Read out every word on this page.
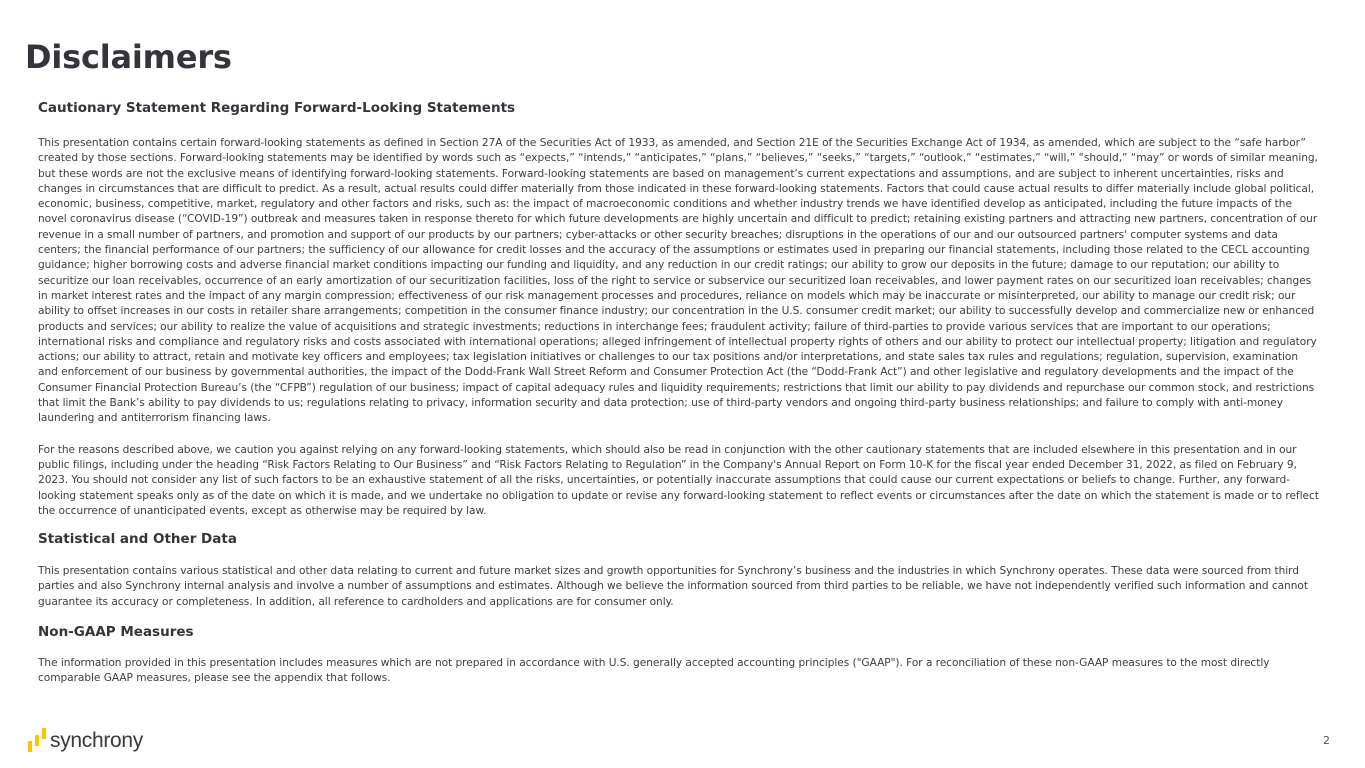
Disclaimers
Cautionary Statement Regarding Forward-Looking Statements

This presentation contains certain forward-looking statements as defined in Section 27A of the Securities Act of 1933, as amended, and Section 21E of the Securities Exchange Act of 1934, as amended, which are subject to the “safe harbor” created by those sections. Forward-looking statements may be identified by words such as “expects,” “intends,” “anticipates,” “plans,” “believes,” “seeks,” “targets,” “outlook,” “estimates,” “will,” “should,” “may” or words of similar meaning, but these words are not the exclusive means of identifying forward-looking statements. Forward-looking statements are based on management’s current expectations and assumptions, and are subject to inherent uncertainties, risks and changes in circumstances that are difficult to predict. As a result, actual results could differ materially from those indicated in these forward-looking statements. Factors that could cause actual results to differ materially include global political, economic, business, competitive, market, regulatory and other factors and risks, such as: the impact of macroeconomic conditions and whether industry trends we have identified develop as anticipated, including the future impacts of the novel coronavirus disease (“COVID-19”) outbreak and measures taken in response thereto for which future developments are highly uncertain and difficult to predict; retaining existing partners and attracting new partners, concentration of our revenue in a small number of partners, and promotion and support of our products by our partners; cyber-attacks or other security breaches; disruptions in the operations of our and our outsourced partners' computer systems and data centers; the financial performance of our partners; the sufficiency of our allowance for credit losses and the accuracy of the assumptions or estimates used in preparing our financial statements, including those related to the CECL accounting guidance; higher borrowing costs and adverse financial market conditions impacting our funding and liquidity, and any reduction in our credit ratings; our ability to grow our deposits in the future; damage to our reputation; our ability to securitize our loan receivables, occurrence of an early amortization of our securitization facilities, loss of the right to service or subservice our securitized loan receivables, and lower payment rates on our securitized loan receivables; changes in market interest rates and the impact of any margin compression; effectiveness of our risk management processes and procedures, reliance on models which may be inaccurate or misinterpreted, our ability to manage our credit risk; our ability to offset increases in our costs in retailer share arrangements; competition in the consumer finance industry; our concentration in the U.S. consumer credit market; our ability to successfully develop and commercialize new or enhanced products and services; our ability to realize the value of acquisitions and strategic investments; reductions in interchange fees; fraudulent activity; failure of third-parties to provide various services that are important to our operations; international risks and compliance and regulatory risks and costs associated with international operations; alleged infringement of intellectual property rights of others and our ability to protect our intellectual property; litigation and regulatory actions; our ability to attract, retain and motivate key officers and employees; tax legislation initiatives or challenges to our tax positions and/or interpretations, and state sales tax rules and regulations; regulation, supervision, examination and enforcement of our business by governmental authorities, the impact of the Dodd-Frank Wall Street Reform and Consumer Protection Act (the “Dodd-Frank Act”) and other legislative and regulatory developments and the impact of the Consumer Financial Protection Bureau’s (the “CFPB”) regulation of our business; impact of capital adequacy rules and liquidity requirements; restrictions that limit our ability to pay dividends and repurchase our common stock, and restrictions that limit the Bank’s ability to pay dividends to us; regulations relating to privacy, information security and data protection; use of third-party vendors and ongoing third-party business relationships; and failure to comply with anti-money laundering and antiterrorism financing laws.

For the reasons described above, we caution you against relying on any forward-looking statements, which should also be read in conjunction with the other cautionary statements that are included elsewhere in this presentation and in our public filings, including under the heading “Risk Factors Relating to Our Business” and “Risk Factors Relating to Regulation” in the Company's Annual Report on Form 10-K for the fiscal year ended December 31, 2022, as filed on February 9, 2023. You should not consider any list of such factors to be an exhaustive statement of all the risks, uncertainties, or potentially inaccurate assumptions that could cause our current expectations or beliefs to change. Further, any forward-looking statement speaks only as of the date on which it is made, and we undertake no obligation to update or revise any forward-looking statement to reflect events or circumstances after the date on which the statement is made or to reflect the occurrence of unanticipated events, except as otherwise may be required by law.

Statistical and Other Data

This presentation contains various statistical and other data relating to current and future market sizes and growth opportunities for Synchrony’s business and the industries in which Synchrony operates. These data were sourced from third parties and also Synchrony internal analysis and involve a number of assumptions and estimates. Although we believe the information sourced from third parties to be reliable, we have not independently verified such information and cannot guarantee its accuracy or completeness. In addition, all reference to cardholders and applications are for consumer only.

Non-GAAP Measures

The information provided in this presentation includes measures which are not prepared in accordance with U.S. generally accepted accounting principles ("GAAP"). For a reconciliation of these non-GAAP measures to the most directly comparable GAAP measures, please see the appendix that follows.

synchrony	2
